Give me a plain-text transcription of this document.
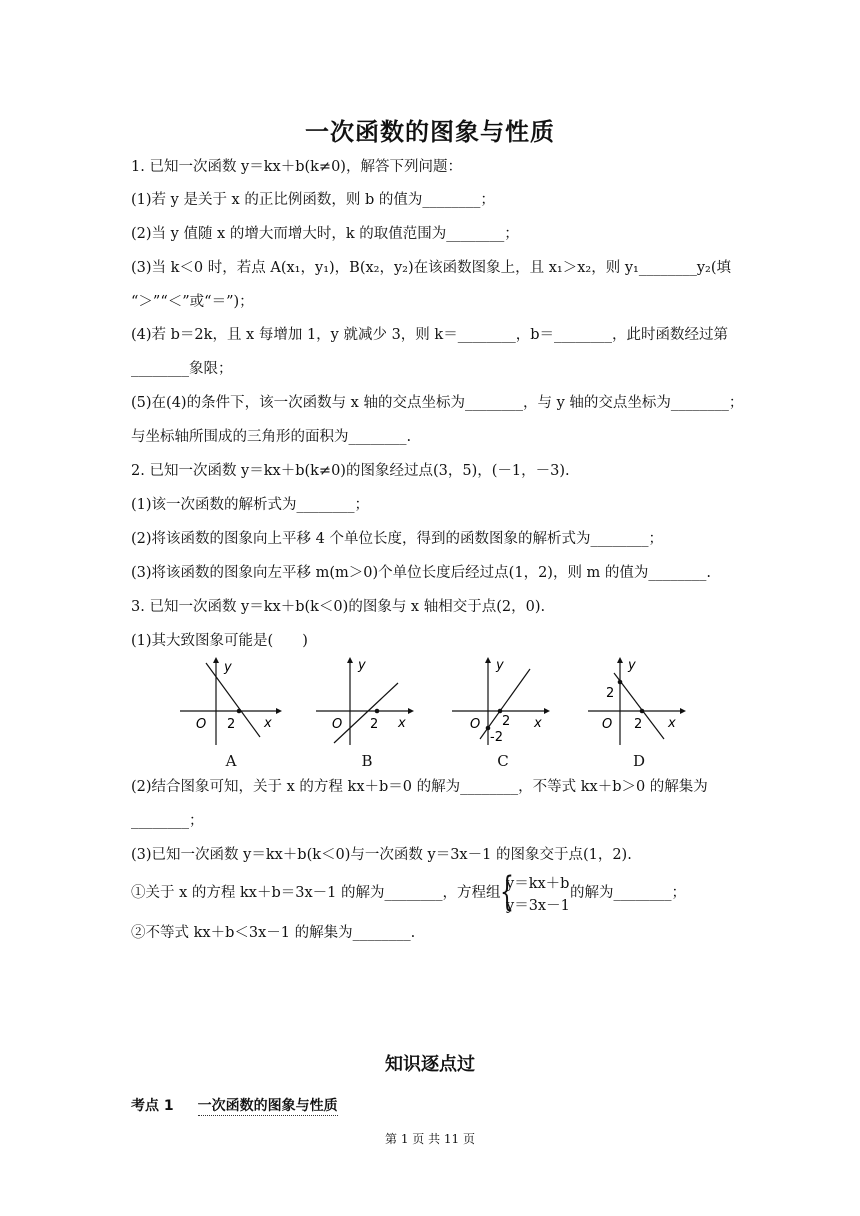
一次函数的图象与性质
1. 已知一次函数 y＝kx＋b(k≠0)，解答下列问题：
(1)若 y 是关于 x 的正比例函数，则 b 的值为________；
(2)当 y 值随 x 的增大而增大时，k 的取值范围为________；
(3)当 k＜0 时，若点 A(x₁，y₁)，B(x₂，y₂)在该函数图象上，且 x₁＞x₂，则 y₁________y₂(填
“＞”“＜”或“＝”)；
(4)若 b＝2k，且 x 每增加 1，y 就减少 3，则 k＝________，b＝________，此时函数经过第
________象限；
(5)在(4)的条件下，该一次函数与 x 轴的交点坐标为________，与 y 轴的交点坐标为________；
与坐标轴所围成的三角形的面积为________.
2. 已知一次函数 y＝kx＋b(k≠0)的图象经过点(3，5)，(－1，－3).
(1)该一次函数的解析式为________；
(2)将该函数的图象向上平移 4 个单位长度，得到的函数图象的解析式为________；
(3)将该函数的图象向左平移 m(m＞0)个单位长度后经过点(1，2)，则 m 的值为________.
3. 已知一次函数 y＝kx＋b(k＜0)的图象与 x 轴相交于点(2，0).
(1)其大致图象可能是(　　)
y
x
O 2
A
y
x
O 2
B
y
x
O 2
-2
C
y
x
O
2
2
D
(2)结合图象可知，关于 x 的方程 kx＋b＝0 的解为________，不等式 kx＋b＞0 的解集为
________；
(3)已知一次函数 y＝kx＋b(k＜0)与一次函数 y＝3x－1 的图象交于点(1，2).
①关于 x 的方程 kx＋b＝3x－1 的解为________，方程组 {
y＝kx＋b
y＝3x－1
的解为________；
②不等式 kx＋b＜3x－1 的解集为________.
知识逐点过
考点 1 一次函数的图象与性质
第 1 页 共 11 页
